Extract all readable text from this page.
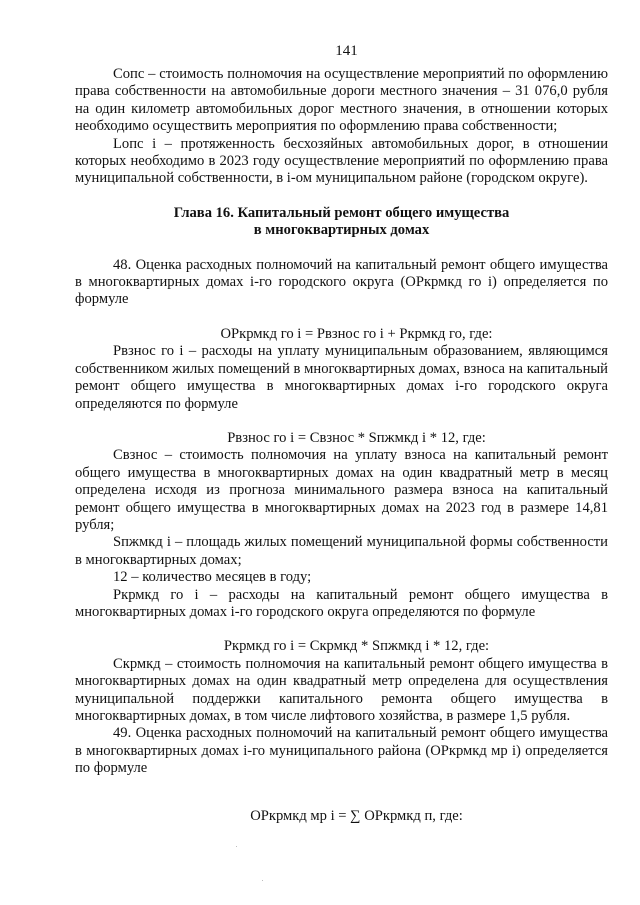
141

Сопс – стоимость полномочия на осуществление мероприятий по оформлению права собственности на автомобильные дороги местного значения – 31 076,0 рубля на один километр автомобильных дорог местного значения, в отношении которых необходимо осуществить мероприятия по оформлению права собственности;

Lопс i – протяженность бесхозяйных автомобильных дорог, в отношении которых необходимо в 2023 году осуществление мероприятий по оформлению права муниципальной собственности, в i-ом муниципальном районе (городском округе).

Глава 16. Капитальный ремонт общего имущества

в многоквартирных домах

48. Оценка расходных полномочий на капитальный ремонт общего имущества в многоквартирных домах i-го городского округа (ОРкрмкд го i) определяется по формуле

ОРкрмкд го i = Рвзнос го i + Ркрмкд го, где:

Рвзнос го i – расходы на уплату муниципальным образованием, являющимся собственником жилых помещений в многоквартирных домах, взноса на капитальный ремонт общего имущества в многоквартирных домах i-го городского округа определяются по формуле

Рвзнос го i = Свзнос * Sпжмкд i * 12, где:

Свзнос – стоимость полномочия на уплату взноса на капитальный ремонт общего имущества в многоквартирных домах на один квадратный метр в месяц определена исходя из прогноза минимального размера взноса на капитальный ремонт общего имущества в многоквартирных домах на 2023 год в размере 14,81 рубля;

Sпжмкд i – площадь жилых помещений муниципальной формы собственности в многоквартирных домах;

12 – количество месяцев в году;

Ркрмкд го i – расходы на капитальный ремонт общего имущества в многоквартирных домах i-го городского округа определяются по формуле

Ркрмкд го i = Скрмкд * Sпжмкд i * 12, где:

Скрмкд – стоимость полномочия на капитальный ремонт общего имущества в многоквартирных домах на один квадратный метр определена для осуществления муниципальной поддержки капитального ремонта общего имущества в многоквартирных домах, в том числе лифтового хозяйства, в размере 1,5 рубля.

49. Оценка расходных полномочий на капитальный ремонт общего имущества в многоквартирных домах i-го муниципального района (ОРкрмкд мр i) определяется по формуле

ОРкрмкд мр i = ∑ ОРкрмкд п, где:
